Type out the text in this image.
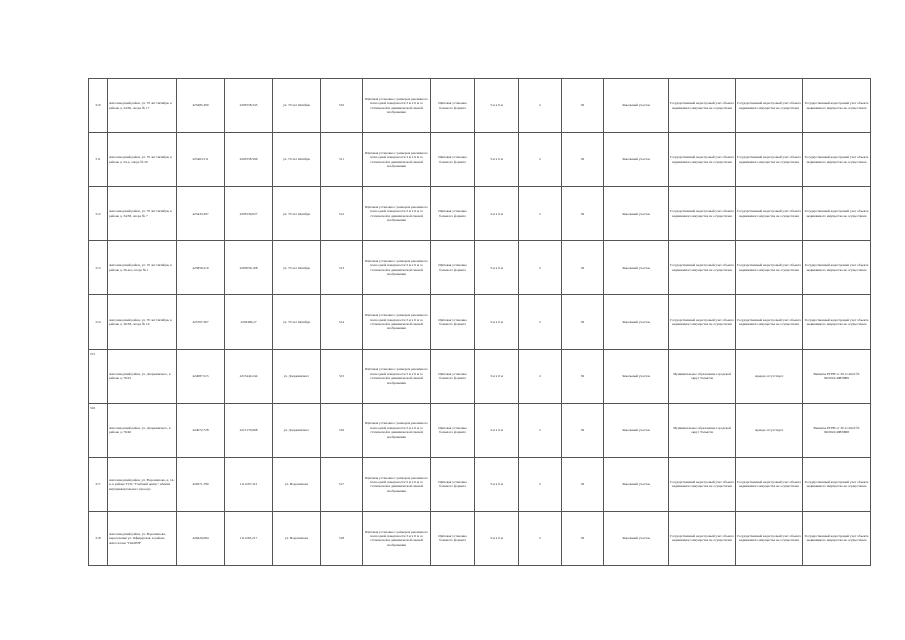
510	Автозаводский район, ул. 70 лет Октября, в районе д. 34/36, опора № 17	425485,390	2203558,345	ул. 70 лет Октября	510	Щитовая установка с размером рекламного поля одной поверхности 3 м x 6 м со статической и динамической сменой изображения	Щитовая установка большого формата	3 м x 6 м	2	36	Земельный участок	Государственный кадастровый учет объекта недвижимого имущества не осуществлен	Государственный кадастровый учет объекта недвижимого имущества не осуществлен	Государственный кадастровый учет объекта недвижимого имущества не осуществлен
511	Автозаводский район, ул. 70 лет Октября, в районе д. 34-а, опора № 20	425463,311	2203558,396	ул. 70 лет Октября	511	Щитовая установка с размером рекламного поля одной поверхности 3 м x 6 м со статической и динамической сменой изображения	Щитовая установка большого формата	3 м x 6 м	2	36	Земельный участок	Государственный кадастровый учет объекта недвижимого имущества не осуществлен	Государственный кадастровый учет объекта недвижимого имущества не осуществлен	Государственный кадастровый учет объекта недвижимого имущества не осуществлен
512	Автозаводский район, ул. 70 лет Октября, в районе д. 34/38, опора № 7	425443,367	2203539,027	ул. 70 лет Октября	512	Щитовая установка с размером рекламного поля одной поверхности 3 м x 6 м со статической и динамической сменой изображения	Щитовая установка большого формата	3 м x 6 м	2	36	Земельный участок	Государственный кадастровый учет объекта недвижимого имущества не осуществлен	Государственный кадастровый учет объекта недвижимого имущества не осуществлен	Государственный кадастровый учет объекта недвижимого имущества не осуществлен
513	Автозаводский район, ул. 70 лет Октября, в районе д. 36-в/а, опора № 1	425856,210	2203059,108	ул. 70 лет Октября	513	Щитовая установка с размером рекламного поля одной поверхности 3 м x 6 м со статической и динамической сменой изображения	Щитовая установка большого формата	3 м x 6 м	2	36	Земельный участок	Государственный кадастровый учет объекта недвижимого имущества не осуществлен	Государственный кадастровый учет объекта недвижимого имущества не осуществлен	Государственный кадастровый учет объекта недвижимого имущества не осуществлен
514	Автозаводский район, ул. 70 лет Октября, в районе д. 36/38, опора № 10	425767,367	2203490,27	ул. 70 лет Октября	514	Щитовая установка с размером рекламного поля одной поверхности 3 м x 6 м со статической и динамической сменой изображения	Щитовая установка большого формата	3 м x 6 м	2	36	Земельный участок	Государственный кадастровый учет объекта недвижимого имущества не осуществлен	Государственный кадастровый учет объекта недвижимого имущества не осуществлен	Государственный кадастровый учет объекта недвижимого имущества не осуществлен
515	Автозаводский район, ул. Дзержинского, в районе д. 76/25	424087,515	2215442,244	ул. Дзержинского	515	Щитовая установка с размером рекламного поля одной поверхности 3 м x 6 м со статической и динамической сменой изображения	Щитовая установка большого формата	3 м x 6 м	2	36	Земельный участок	Муниципальное образование городской округ Тольятти	Аренда отсутствует	Выписка ЕГРН от 30.11.2022 № 99/2022/498/9869
516	Автозаводский район, ул. Дзержинского, в районе д. 76/46	424072,728	2215179,968	ул. Дзержинского	516	Щитовая установка с размером рекламного поля одной поверхности 3 м x 6 м со статической и динамической сменой изображения	Щитовая установка большого формата	3 м x 6 м	2	36	Земельный участок	Муниципальное образование городской округ Тольятти	Аренда отсутствует	Выписка ЕГРН от 30.11.2022 № 99/2022/498/9868
517	Автозаводский район, ул. Ворошилова, д. 14-в, в районе ТСЦ "Учебный центр", вблизи внутриквартального проезда	426371,780	1111207,312	ул. Ворошилова	517	Щитовая установка с размером рекламного поля одной поверхности 3 м x 6 м со статической и динамической сменой изображения	Щитовая установка большого формата	3 м x 6 м	2	36	Земельный участок	Государственный кадастровый учет объекта недвижимого имущества не осуществлен	Государственный кадастровый учет объекта недвижимого имущества не осуществлен	Государственный кадастровый учет объекта недвижимого имущества не осуществлен
518	Автозаводский район, ул. Ворошилова, пересечение ул. Офицерская, в районе Автосалона "ПАЛЕН"	426420,084	1111263,217	ул. Ворошилова	518	Щитовая установка с размером рекламного поля одной поверхности 3 м x 6 м со статической и динамической сменой изображения	Щитовая установка большого формата	3 м x 6 м	2	36	Земельный участок	Государственный кадастровый учет объекта недвижимого имущества не осуществлен	Государственный кадастровый учет объекта недвижимого имущества не осуществлен	Государственный кадастровый учет объекта недвижимого имущества не осуществлен
